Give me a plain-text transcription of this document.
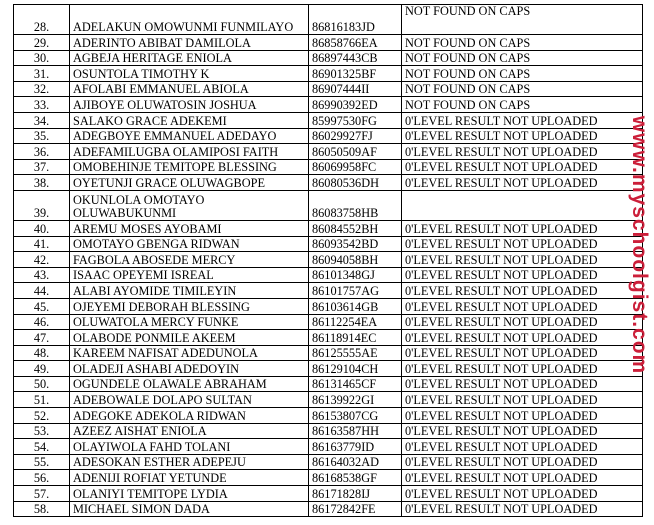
28.	ADELAKUN OMOWUNMI FUNMILAYO	86816183JD	NOT FOUND ON CAPS
29.	ADERINTO ABIBAT DAMILOLA	86858766EA	NOT FOUND ON CAPS
30.	AGBEJA HERITAGE ENIOLA	86897443CB	NOT FOUND ON CAPS
31.	OSUNTOLA TIMOTHY K	86901325BF	NOT FOUND ON CAPS
32.	AFOLABI EMMANUEL ABIOLA	86907444II	NOT FOUND ON CAPS
33.	AJIBOYE OLUWATOSIN JOSHUA	86990392ED	NOT FOUND ON CAPS
34.	SALAKO GRACE ADEKEMI	85997530FG	0'LEVEL RESULT NOT UPLOADED
35.	ADEGBOYE EMMANUEL ADEDAYO	86029927FJ	0'LEVEL RESULT NOT UPLOADED
36.	ADEFAMILUGBA OLAMIPOSI FAITH	86050509AF	0'LEVEL RESULT NOT UPLOADED
37.	OMOBEHINJE TEMITOPE BLESSING	86069958FC	0'LEVEL RESULT NOT UPLOADED
38.	OYETUNJI GRACE OLUWAGBOPE	86080536DH	0'LEVEL RESULT NOT UPLOADED
39.	OKUNLOLA OMOTAYO OLUWABUKUNMI	86083758HB	
40.	AREMU MOSES AYOBAMI	86084552BH	0'LEVEL RESULT NOT UPLOADED
41.	OMOTAYO GBENGA RIDWAN	86093542BD	0'LEVEL RESULT NOT UPLOADED
42.	FAGBOLA ABOSEDE MERCY	86094058BH	0'LEVEL RESULT NOT UPLOADED
43.	ISAAC OPEYEMI ISREAL	86101348GJ	0'LEVEL RESULT NOT UPLOADED
44.	ALABI AYOMIDE TIMILEYIN	86101757AG	0'LEVEL RESULT NOT UPLOADED
45.	OJEYEMI DEBORAH BLESSING	86103614GB	0'LEVEL RESULT NOT UPLOADED
46.	OLUWATOLA MERCY FUNKE	86112254EA	0'LEVEL RESULT NOT UPLOADED
47.	OLABODE PONMILE AKEEM	86118914EC	0'LEVEL RESULT NOT UPLOADED
48.	KAREEM NAFISAT ADEDUNOLA	86125555AE	0'LEVEL RESULT NOT UPLOADED
49.	OLADEJI ASHABI ADEDOYIN	86129104CH	0'LEVEL RESULT NOT UPLOADED
50.	OGUNDELE OLAWALE ABRAHAM	86131465CF	0'LEVEL RESULT NOT UPLOADED
51.	ADEBOWALE DOLAPO SULTAN	86139922GI	0'LEVEL RESULT NOT UPLOADED
52.	ADEGOKE ADEKOLA RIDWAN	86153807CG	0'LEVEL RESULT NOT UPLOADED
53.	AZEEZ AISHAT ENIOLA	86163587HH	0'LEVEL RESULT NOT UPLOADED
54.	OLAYIWOLA FAHD TOLANI	86163779ID	0'LEVEL RESULT NOT UPLOADED
55.	ADESOKAN ESTHER ADEPEJU	86164032AD	0'LEVEL RESULT NOT UPLOADED
56.	ADENIJI ROFIAT YETUNDE	86168538GF	0'LEVEL RESULT NOT UPLOADED
57.	OLANIYI TEMITOPE LYDIA	86171828IJ	0'LEVEL RESULT NOT UPLOADED
58.	MICHAEL SIMON DADA	86172842FE	0'LEVEL RESULT NOT UPLOADED
www.myschoolgist.com
